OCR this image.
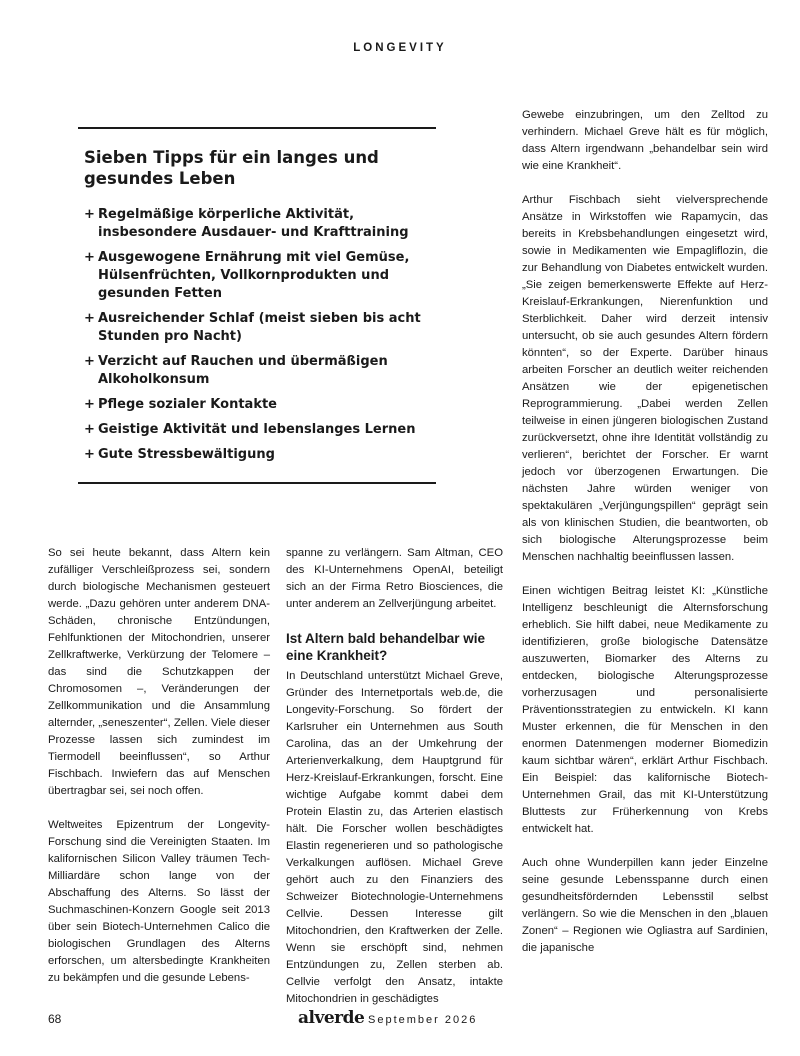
LONGEVITY
Sieben Tipps für ein langes und gesundes Leben
+ Regelmäßige körperliche Aktivität, insbesondere Ausdauer- und Krafttraining
+ Ausgewogene Ernährung mit viel Gemüse, Hülsenfrüchten, Vollkornprodukten und gesunden Fetten
+ Ausreichender Schlaf (meist sieben bis acht Stunden pro Nacht)
+ Verzicht auf Rauchen und übermäßigen Alkoholkonsum
+ Pflege sozialer Kontakte
+ Geistige Aktivität und lebenslanges Lernen
+ Gute Stressbewältigung

So sei heute bekannt, dass Altern kein zufälliger Verschleißprozess sei, sondern durch biologische Mechanismen gesteuert werde. „Dazu gehören unter anderem DNA-Schäden, chronische Entzündungen, Fehlfunktionen der Mitochondrien, unserer Zellkraftwerke, Verkürzung der Telomere – das sind die Schutzkappen der Chromosomen –, Veränderungen der Zellkommunikation und die Ansammlung alternder, „seneszenter“, Zellen. Viele dieser Prozesse lassen sich zumindest im Tiermodell beeinflussen“, so Arthur Fischbach. Inwiefern das auf Menschen übertragbar sei, sei noch offen.

Weltweites Epizentrum der Longevity-Forschung sind die Vereinigten Staaten. Im kalifornischen Silicon Valley träumen Tech-Milliardäre schon lange von der Abschaffung des Alterns. So lässt der Suchmaschinen-Konzern Google seit 2013 über sein Biotech-Unternehmen Calico die biologischen Grundlagen des Alterns erforschen, um altersbedingte Krankheiten zu bekämpfen und die gesunde Lebens-

spanne zu verlängern. Sam Altman, CEO des KI-Unternehmens OpenAI, beteiligt sich an der Firma Retro Biosciences, die unter anderem an Zellverjüngung arbeitet.

Ist Altern bald behandelbar wie eine Krankheit?

In Deutschland unterstützt Michael Greve, Gründer des Internetportals web.de, die Longevity-Forschung. So fördert der Karlsruher ein Unternehmen aus South Carolina, das an der Umkehrung der Arterienverkalkung, dem Hauptgrund für Herz-Kreislauf-Erkrankungen, forscht. Eine wichtige Aufgabe kommt dabei dem Protein Elastin zu, das Arterien elastisch hält. Die Forscher wollen beschädigtes Elastin regenerieren und so pathologische Verkalkungen auflösen. Michael Greve gehört auch zu den Finanziers des Schweizer Biotechnologie-Unternehmens Cellvie. Dessen Interesse gilt Mitochondrien, den Kraftwerken der Zelle. Wenn sie erschöpft sind, nehmen Entzündungen zu, Zellen sterben ab. Cellvie verfolgt den Ansatz, intakte Mitochondrien in geschädigtes

Gewebe einzubringen, um den Zelltod zu verhindern. Michael Greve hält es für möglich, dass Altern irgendwann „behandelbar sein wird wie eine Krankheit“.

Arthur Fischbach sieht vielversprechende Ansätze in Wirkstoffen wie Rapamycin, das bereits in Krebsbehandlungen eingesetzt wird, sowie in Medikamenten wie Empagliflozin, die zur Behandlung von Diabetes entwickelt wurden. „Sie zeigen bemerkenswerte Effekte auf Herz-Kreislauf-Erkrankungen, Nierenfunktion und Sterblichkeit. Daher wird derzeit intensiv untersucht, ob sie auch gesundes Altern fördern könnten“, so der Experte. Darüber hinaus arbeiten Forscher an deutlich weiter reichenden Ansätzen wie der epigenetischen Reprogrammierung. „Dabei werden Zellen teilweise in einen jüngeren biologischen Zustand zurückversetzt, ohne ihre Identität vollständig zu verlieren“, berichtet der Forscher. Er warnt jedoch vor überzogenen Erwartungen. Die nächsten Jahre würden weniger von spektakulären „Verjüngungspillen“ geprägt sein als von klinischen Studien, die beantworten, ob sich biologische Alterungsprozesse beim Menschen nachhaltig beeinflussen lassen.

Einen wichtigen Beitrag leistet KI: „Künstliche Intelligenz beschleunigt die Alternsforschung erheblich. Sie hilft dabei, neue Medikamente zu identifizieren, große biologische Datensätze auszuwerten, Biomarker des Alterns zu entdecken, biologische Alterungsprozesse vorherzusagen und personalisierte Präventionsstrategien zu entwickeln. KI kann Muster erkennen, die für Menschen in den enormen Datenmengen moderner Biomedizin kaum sichtbar wären“, erklärt Arthur Fischbach. Ein Beispiel: das kalifornische Biotech-Unternehmen Grail, das mit KI-Unterstützung Bluttests zur Früherkennung von Krebs entwickelt hat.

Auch ohne Wunderpillen kann jeder Einzelne seine gesunde Lebensspanne durch einen gesundheitsfördernden Lebensstil selbst verlängern. So wie die Menschen in den „blauen Zonen“ – Regionen wie Ogliastra auf Sardinien, die japanische

68	alverde September 2026
